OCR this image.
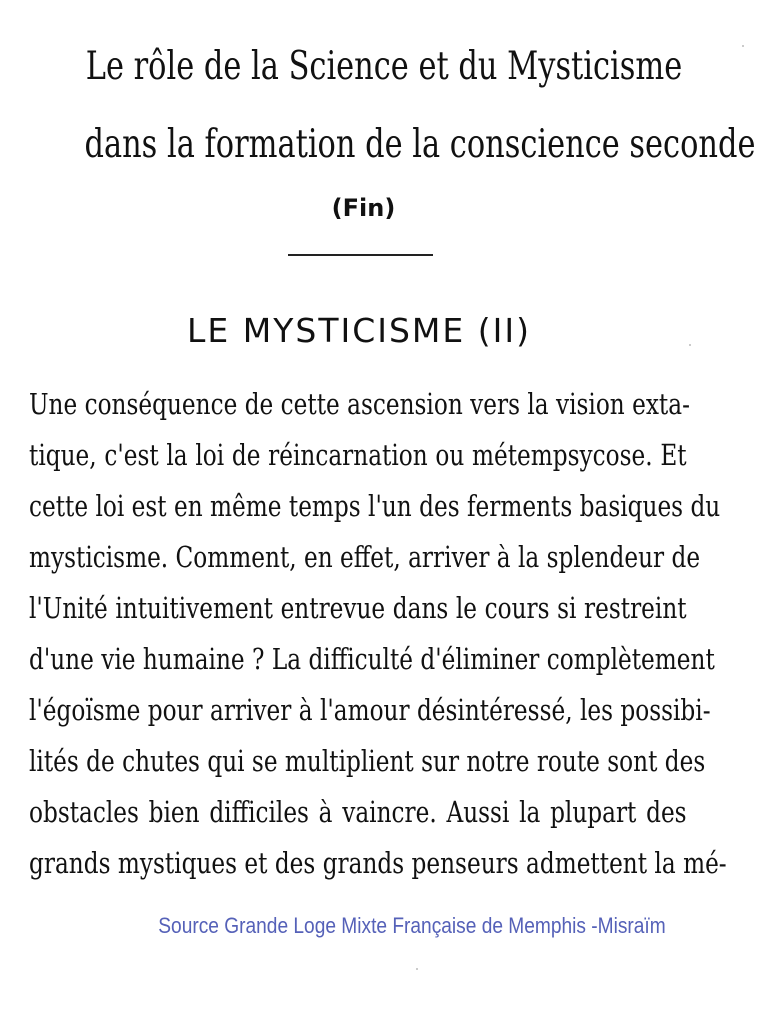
Le rôle de la Science et du Mysticisme
dans la formation de la conscience seconde
(Fin)
LE MYSTICISME (II)
Une conséquence de cette ascension vers la vision exta-
tique, c'est la loi de réincarnation ou métempsycose. Et
cette loi est en même temps l'un des ferments basiques du
mysticisme. Comment, en effet, arriver à la splendeur de
l'Unité intuitivement entrevue dans le cours si restreint
d'une vie humaine ? La difficulté d'éliminer complètement
l'égoïsme pour arriver à l'amour désintéressé, les possibi-
lités de chutes qui se multiplient sur notre route sont des
obstacles bien difficiles à vaincre. Aussi la plupart des
grands mystiques et des grands penseurs admettent la mé-
Source Grande Loge Mixte Française de Memphis -Misraïm
